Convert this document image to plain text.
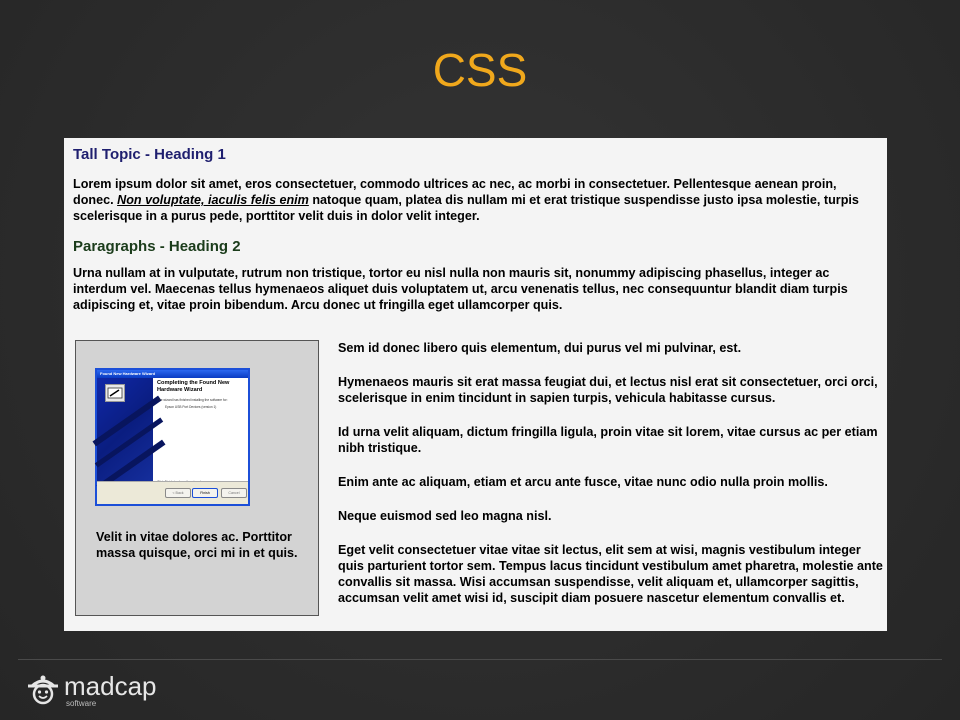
CSS
Tall Topic - Heading 1

Lorem ipsum dolor sit amet, eros consectetuer, commodo ultrices ac nec, ac morbi in consectetuer. Pellentesque aenean proin, donec. Non voluptate, iaculis felis enim natoque quam, platea dis nullam mi et erat tristique suspendisse justo ipsa molestie, turpis scelerisque in a purus pede, porttitor velit duis in dolor velit integer.

Paragraphs - Heading 2

Urna nullam at in vulputate, rutrum non tristique, tortor eu nisl nulla non mauris sit, nonummy adipiscing phasellus, integer ac interdum vel. Maecenas tellus hymenaeos aliquet duis voluptatem ut, arcu venenatis tellus, nec consequuntur blandit diam turpis adipiscing et, vitae proin bibendum. Arcu donec ut fringilla eget ullamcorper quis.

Found New Hardware Wizard
Completing the Found New Hardware Wizard
The wizard has finished installing the software for:
Epson USB Port Devices (version 1)
< Back	Finish	Cancel
Velit in vitae dolores ac. Porttitor massa quisque, orci mi in et quis.

Sem id donec libero quis elementum, dui purus vel mi pulvinar, est.

Hymenaeos mauris sit erat massa feugiat dui, et lectus nisl erat sit consectetuer, orci orci, scelerisque in enim tincidunt in sapien turpis, vehicula habitasse cursus.

Id urna velit aliquam, dictum fringilla ligula, proin vitae sit lorem, vitae cursus ac per etiam nibh tristique.

Enim ante ac aliquam, etiam et arcu ante fusce, vitae nunc odio nulla proin mollis.

Neque euismod sed leo magna nisl.

Eget velit consectetuer vitae vitae sit lectus, elit sem at wisi, magnis vestibulum integer quis parturient tortor sem. Tempus lacus tincidunt vestibulum amet pharetra, molestie ante convallis sit massa. Wisi accumsan suspendisse, velit aliquam et, ullamcorper sagittis, accumsan velit amet wisi id, suscipit diam posuere nascetur elementum convallis et.

madcap
software
